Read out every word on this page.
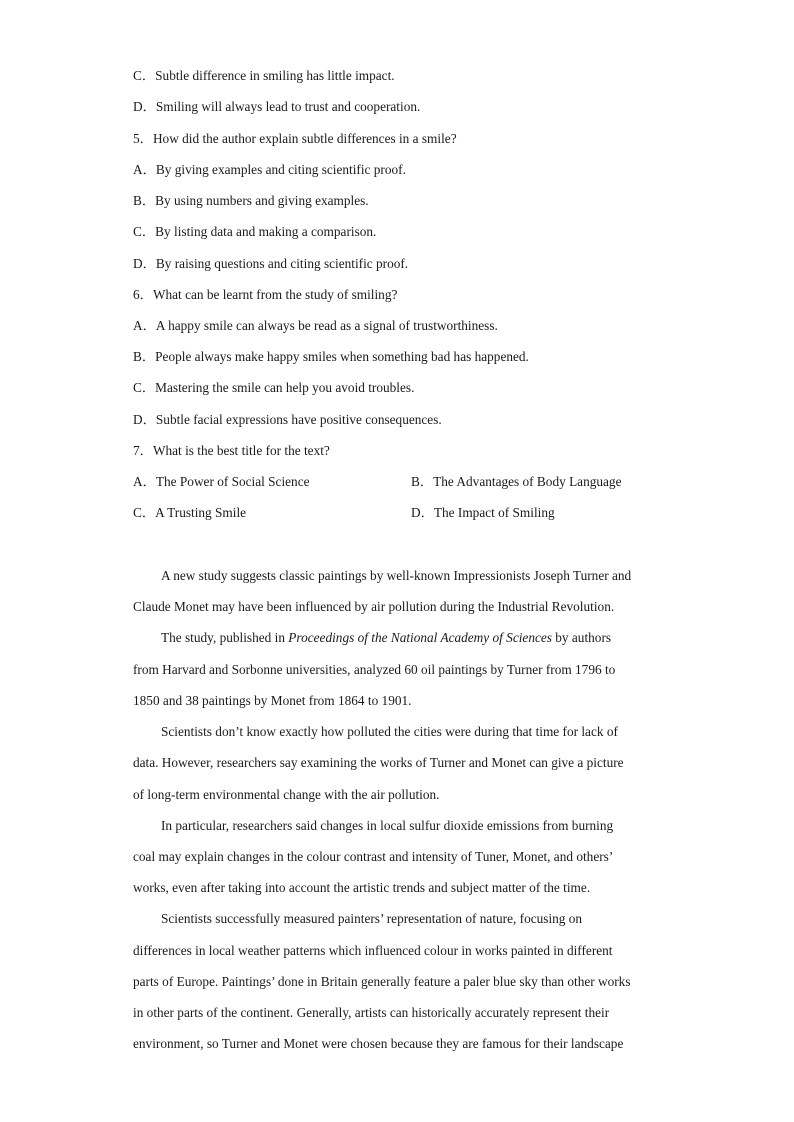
C．Subtle difference in smiling has little impact.
D．Smiling will always lead to trust and cooperation.
5．How did the author explain subtle differences in a smile?
A．By giving examples and citing scientific proof.
B．By using numbers and giving examples.
C．By listing data and making a comparison.
D．By raising questions and citing scientific proof.
6．What can be learnt from the study of smiling?
A．A happy smile can always be read as a signal of trustworthiness.
B．People always make happy smiles when something bad has happened.
C．Mastering the smile can help you avoid troubles.
D．Subtle facial expressions have positive consequences.
7．What is the best title for the text?
A．The Power of Social Science	B．The Advantages of Body Language
C．A Trusting Smile	D．The Impact of Smiling
A new study suggests classic paintings by well-known Impressionists Joseph Turner and
Claude Monet may have been influenced by air pollution during the Industrial Revolution.
The study, published in Proceedings of the National Academy of Sciences by authors
from Harvard and Sorbonne universities, analyzed 60 oil paintings by Turner from 1796 to
1850 and 38 paintings by Monet from 1864 to 1901.
Scientists don’t know exactly how polluted the cities were during that time for lack of
data. However, researchers say examining the works of Turner and Monet can give a picture
of long-term environmental change with the air pollution.
In particular, researchers said changes in local sulfur dioxide emissions from burning
coal may explain changes in the colour contrast and intensity of Tuner, Monet, and others’
works, even after taking into account the artistic trends and subject matter of the time.
Scientists successfully measured painters’ representation of nature, focusing on
differences in local weather patterns which influenced colour in works painted in different
parts of Europe. Paintings’ done in Britain generally feature a paler blue sky than other works
in other parts of the continent. Generally, artists can historically accurately represent their
environment, so Turner and Monet were chosen because they are famous for their landscape
